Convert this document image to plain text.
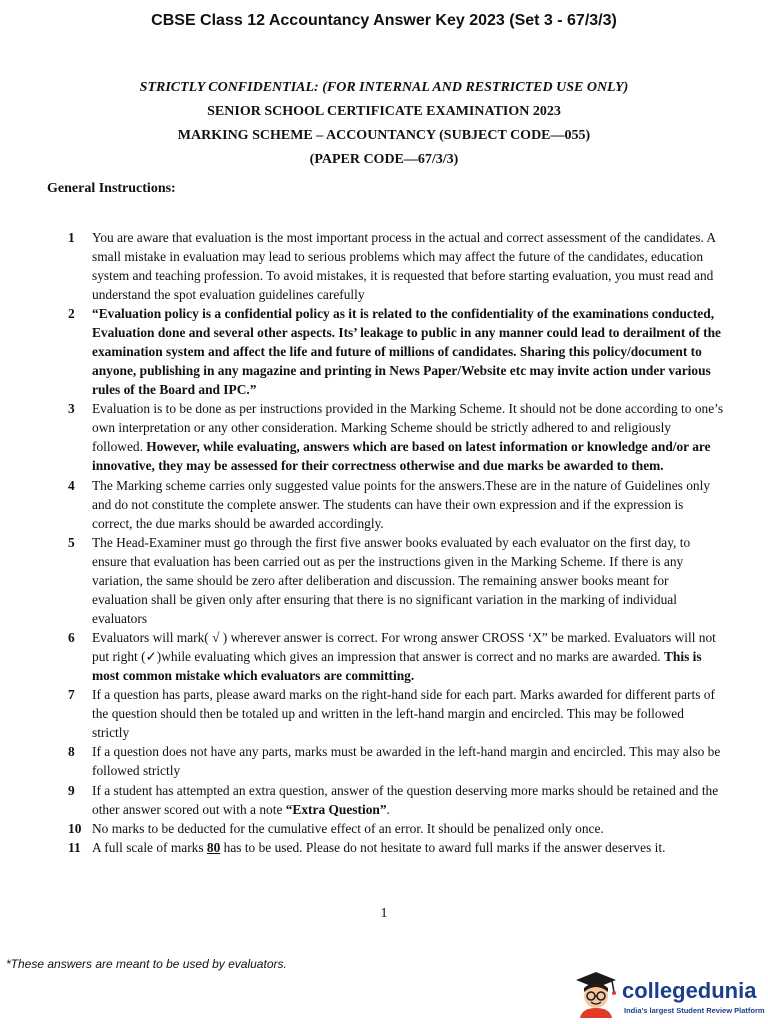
CBSE Class 12 Accountancy Answer Key 2023 (Set 3 - 67/3/3)
STRICTLY CONFIDENTIAL: (FOR INTERNAL AND RESTRICTED USE ONLY)
SENIOR SCHOOL CERTIFICATE EXAMINATION 2023
MARKING SCHEME – ACCOUNTANCY (SUBJECT CODE—055)
(PAPER CODE—67/3/3)
General Instructions:
1	You are aware that evaluation is the most important process in the actual and correct assessment of the candidates. A small mistake in evaluation may lead to serious problems which may affect the future of the candidates, education system and teaching profession. To avoid mistakes, it is requested that before starting evaluation, you must read and understand the spot evaluation guidelines carefully
2	“Evaluation policy is a confidential policy as it is related to the confidentiality of the examinations conducted, Evaluation done and several other aspects. Its’ leakage to public in any manner could lead to derailment of the examination system and affect the life and future of millions of candidates. Sharing this policy/document to anyone, publishing in any magazine and printing in News Paper/Website etc may invite action under various rules of the Board and IPC.”
3	Evaluation is to be done as per instructions provided in the Marking Scheme. It should not be done according to one’s own interpretation or any other consideration. Marking Scheme should be strictly adhered to and religiously followed. However, while evaluating, answers which are based on latest information or knowledge and/or are innovative, they may be assessed for their correctness otherwise and due marks be awarded to them.
4	The Marking scheme carries only suggested value points for the answers.These are in the nature of Guidelines only and do not constitute the complete answer. The students can have their own expression and if the expression is correct, the due marks should be awarded accordingly.
5	The Head-Examiner must go through the first five answer books evaluated by each evaluator on the first day, to ensure that evaluation has been carried out as per the instructions given in the Marking Scheme. If there is any variation, the same should be zero after deliberation and discussion. The remaining answer books meant for evaluation shall be given only after ensuring that there is no significant variation in the marking of individual evaluators
6	Evaluators will mark( √ ) wherever answer is correct. For wrong answer CROSS ‘X” be marked. Evaluators will not put right (✓)while evaluating which gives an impression that answer is correct and no marks are awarded. This is most common mistake which evaluators are committing.
7	If a question has parts, please award marks on the right-hand side for each part. Marks awarded for different parts of the question should then be totaled up and written in the left-hand margin and encircled. This may be followed strictly
8	If a question does not have any parts, marks must be awarded in the left-hand margin and encircled. This may also be followed strictly
9	If a student has attempted an extra question, answer of the question deserving more marks should be retained and the other answer scored out with a note “Extra Question”.
10 No marks to be deducted for the cumulative effect of an error. It should be penalized only once.
11 A full scale of marks 80 has to be used. Please do not hesitate to award full marks if the answer deserves it.
1
*These answers are meant to be used by evaluators.
collegedunia
India's largest Student Review Platform
